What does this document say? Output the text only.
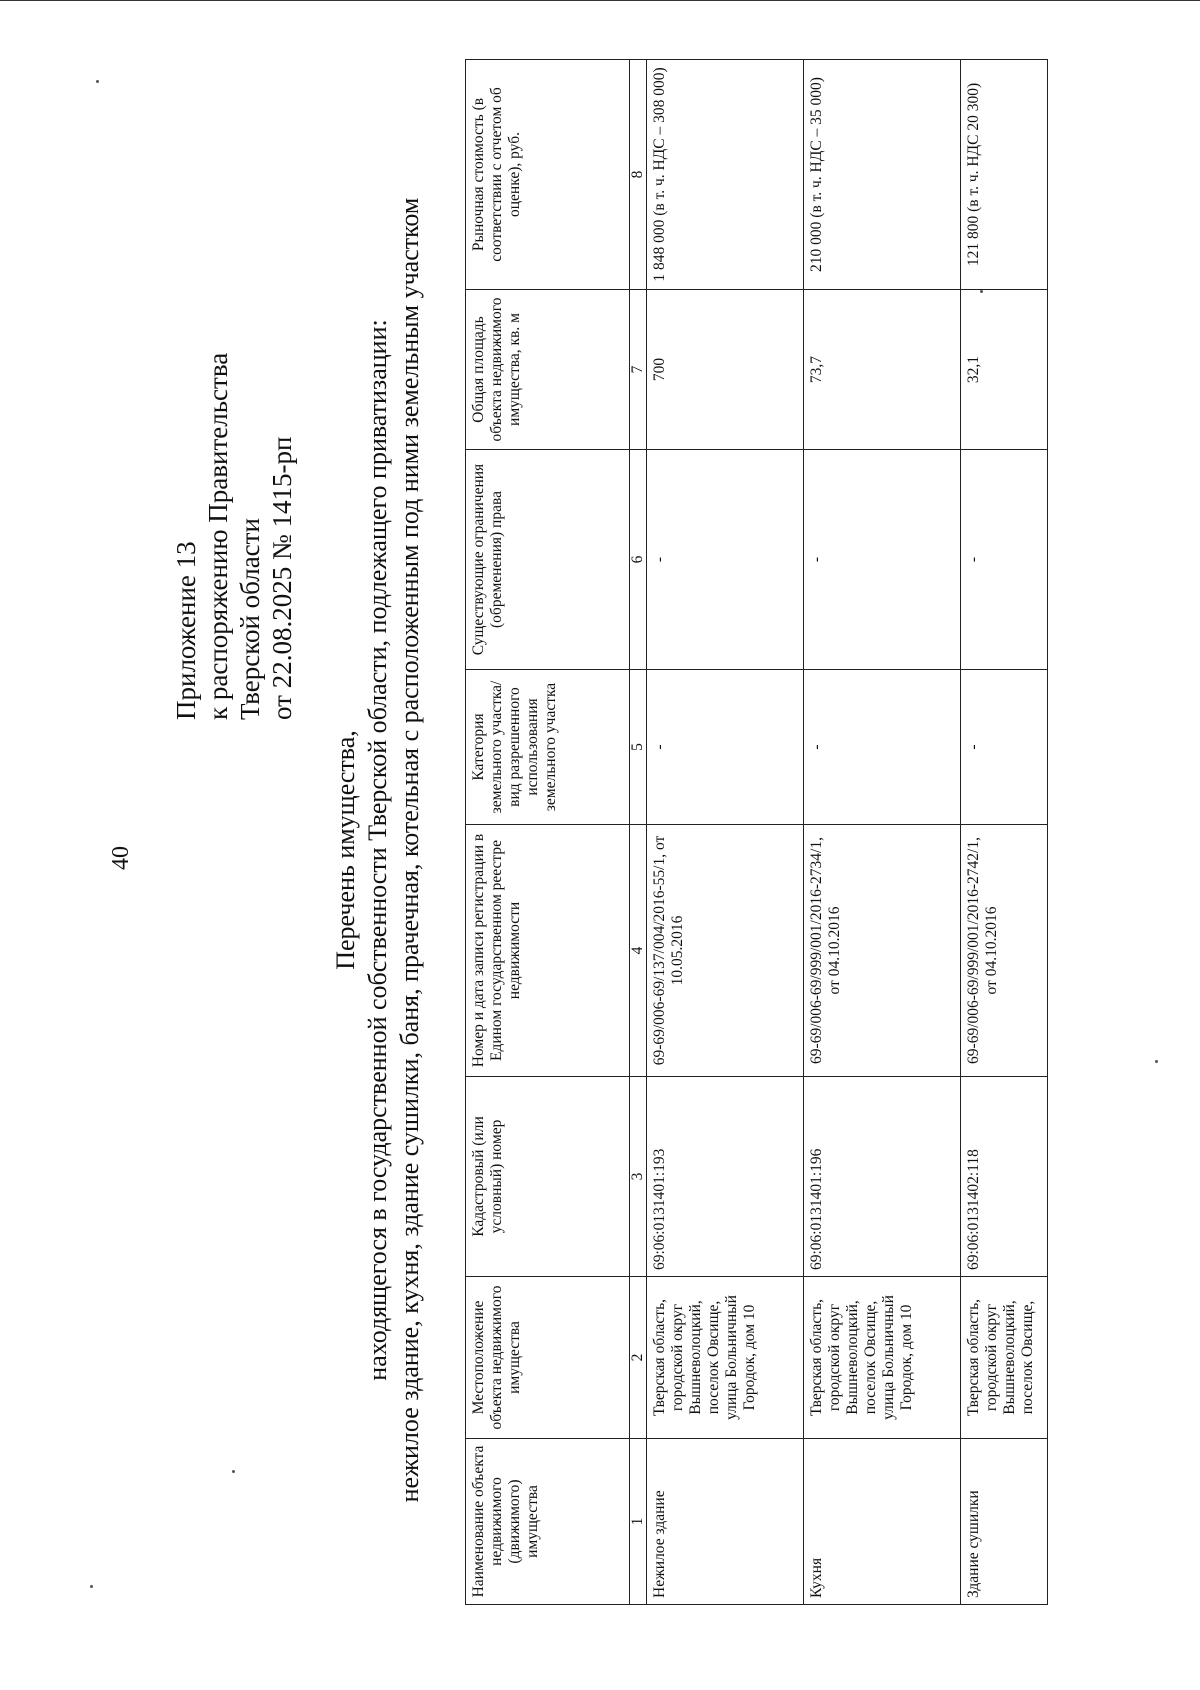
40
Приложение 13 к распоряжению Правительства Тверской области от 22.08.2025 № 1415-рп
Перечень имущества, находящегося в государственной собственности Тверской области, подлежащего приватизации: нежилое здание, кухня, здание сушилки, баня, прачечная, котельная с расположенным под ними земельным участком
Наименование объекта недвижимого (движимого) имущества	Местоположение объекта недвижимого имущества	Кадастровый (или условный) номер	Номер и дата записи регистрации в Едином государственном реестре недвижимости	Категория земельного участка/вид разрешенного использования земельного участка	Существующие ограничения (обременения) права	Общая площадь объекта недвижимого имущества, кв. м	Рыночная стоимость (в соответствии с отчетом об оценке), руб.
1	2	3	4	5	6	7	8
Нежилое здание	Тверская область, городской округ Вышневолоцкий, поселок Овсище, улица Больничный Городок, дом 10	69:06:0131401:193	69-69/006-69/137/004/2016-55/1, от 10.05.2016	-	-	700	1 848 000 (в т. ч. НДС – 308 000)
Кухня	Тверская область, городской округ Вышневолоцкий, поселок Овсище, улица Больничный Городок, дом 10	69:06:0131401:196	69-69/006-69/999/001/2016-2734/1, от 04.10.2016	-	-	73,7	210 000 (в т. ч. НДС – 35 000)
Здание сушилки	Тверская область, городской округ Вышневолоцкий, поселок Овсище,	69:06:0131402:118	69-69/006-69/999/001/2016-2742/1, от 04.10.2016	-	-	32,1	121 800 (в т. ч. НДС 20 300)
